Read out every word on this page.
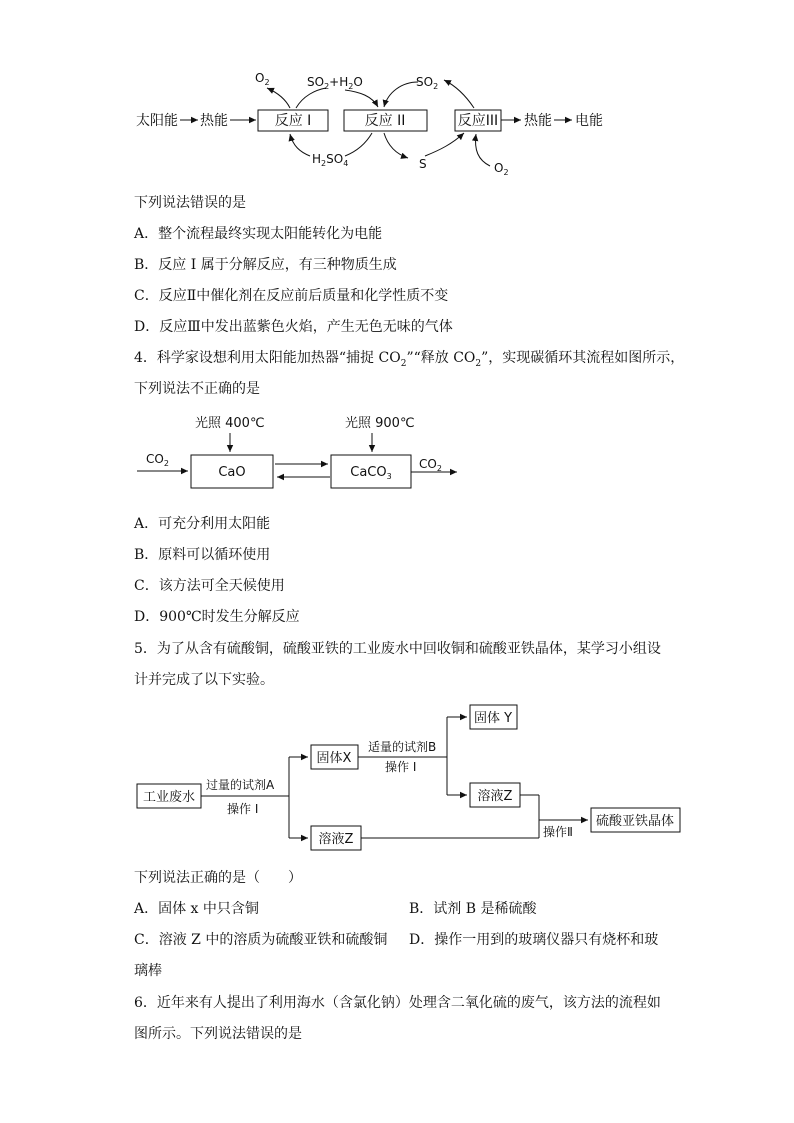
太阳能 热能	反应 I	反应 II	反应III 热能 电能
$O_2$	$SO_2+H_2O$	$SO_2$
$H_2SO_4$	S	$O_2$
光照 400℃	光照 900℃
$CO_2$
CaO	CaCO$_3$
$CO_2$
工业废水
过量的试剂A
操作 I
固体X
适量的试剂B
操作 I
固体 Y
溶液Z
溶液Z	操作Ⅱ
硫酸亚铁晶体
下列说法错误的是
A．整个流程最终实现太阳能转化为电能
B．反应 I 属于分解反应，有三种物质生成
C．反应Ⅱ中催化剂在反应前后质量和化学性质不变
D．反应Ⅲ中发出蓝紫色火焰，产生无色无味的气体
4．科学家设想利用太阳能加热器“捕捉 $CO_2”“$释放 $CO_2$”，实现碳循环其流程如图所示，
下列说法不正确的是
A．可充分利用太阳能
B．原料可以循环使用
C．该方法可全天候使用
D．900℃时发生分解反应
5．为了从含有硫酸铜，硫酸亚铁的工业废水中回收铜和硫酸亚铁晶体，某学习小组设
计并完成了以下实验。
下列说法正确的是（　　）
A．固体 x 中只含铜	B．试剂 B 是稀硫酸
C．溶液 Z 中的溶质为硫酸亚铁和硫酸铜 D．操作一用到的玻璃仪器只有烧杯和玻
璃棒
6．近年来有人提出了利用海水（含氯化钠）处理含二氧化硫的废气，该方法的流程如
图所示。下列说法错误的是
